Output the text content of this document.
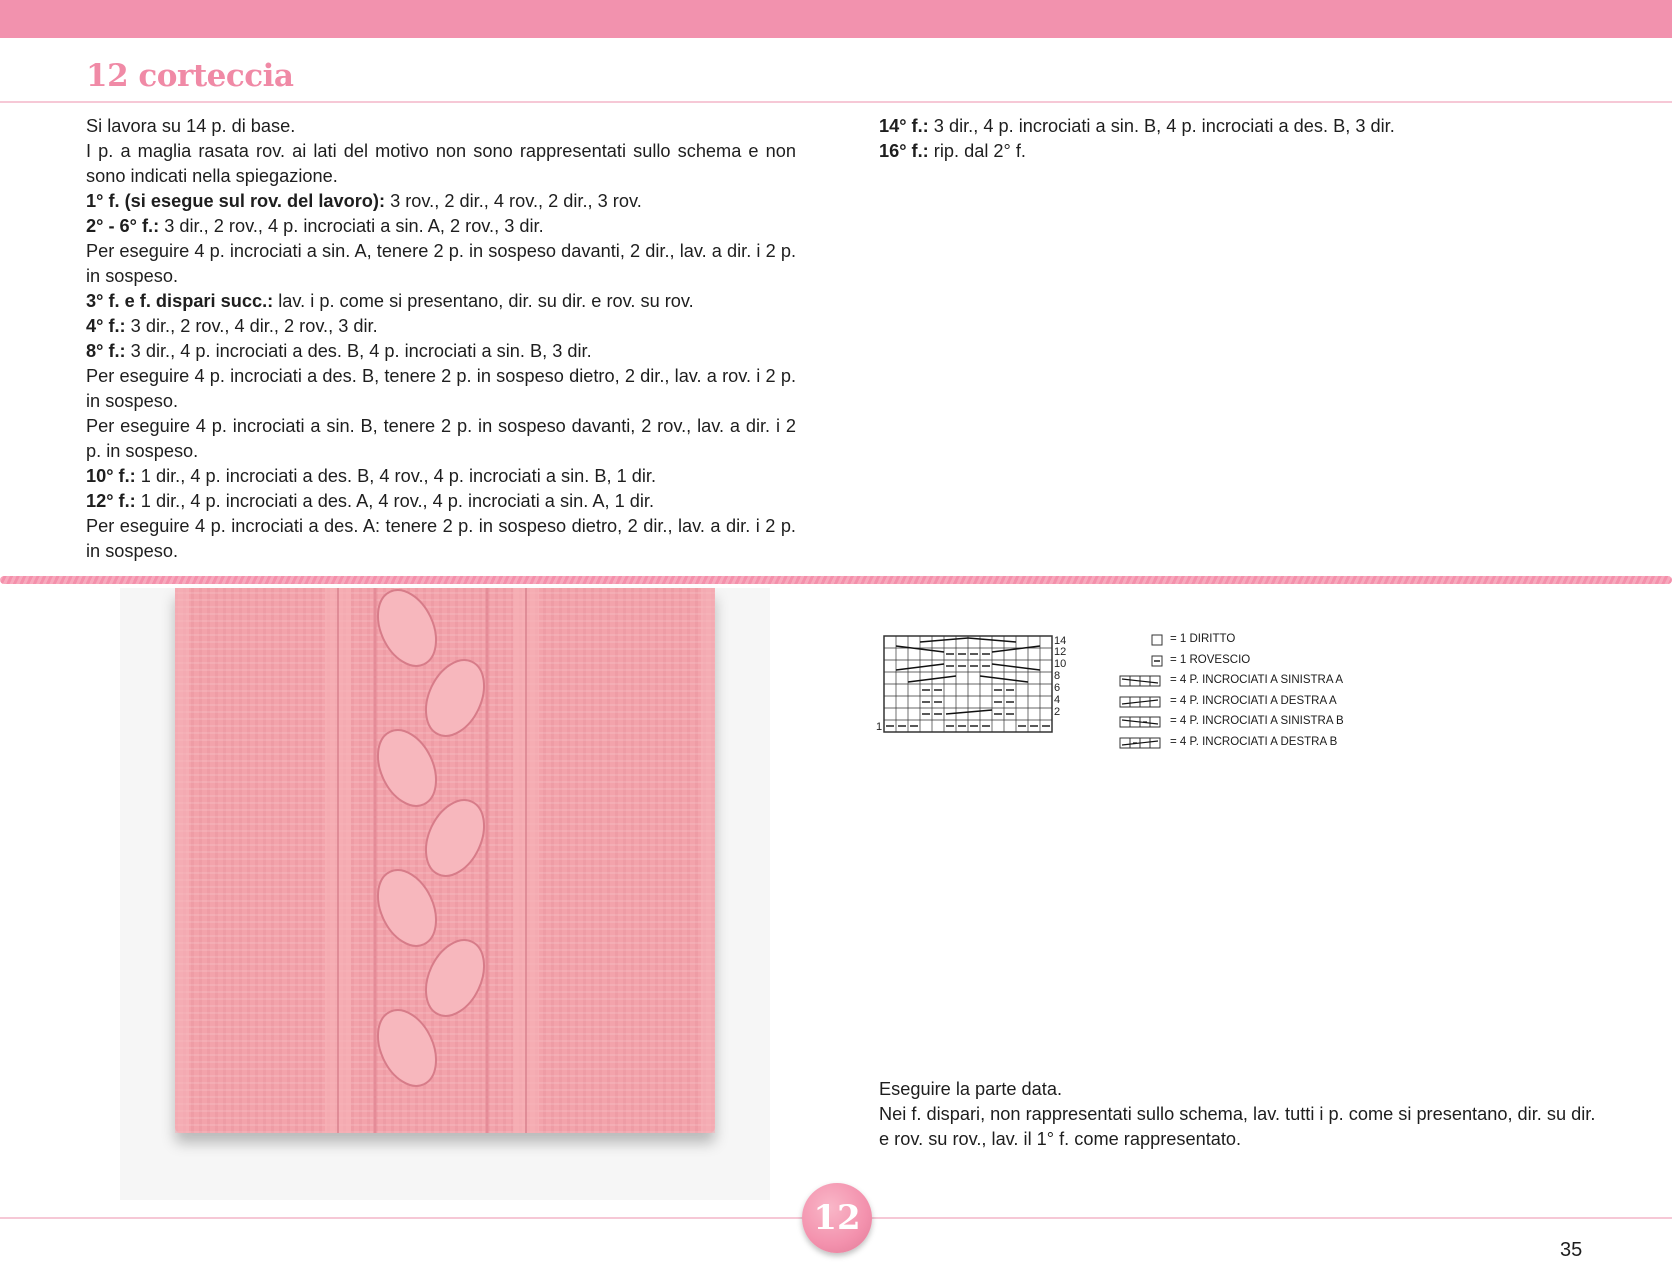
12 corteccia

Si lavora su 14 p. di base.

I p. a maglia rasata rov. ai lati del motivo non sono rappresentati sullo schema e non sono indicati nella spiegazione.

1° f. (si esegue sul rov. del lavoro): 3 rov., 2 dir., 4 rov., 2 dir., 3 rov.

2° - 6° f.: 3 dir., 2 rov., 4 p. incrociati a sin. A, 2 rov., 3 dir.

Per eseguire 4 p. incrociati a sin. A, tenere 2 p. in sospeso davanti, 2 dir., lav. a dir. i 2 p. in sospeso.

3° f. e f. dispari succ.: lav. i p. come si presentano, dir. su dir. e rov. su rov.

4° f.: 3 dir., 2 rov., 4 dir., 2 rov., 3 dir.

8° f.: 3 dir., 4 p. incrociati a des. B, 4 p. incrociati a sin. B, 3 dir.

Per eseguire 4 p. incrociati a des. B, tenere 2 p. in sospeso dietro, 2 dir., lav. a rov. i 2 p. in sospeso.

Per eseguire 4 p. incrociati a sin. B, tenere 2 p. in sospeso davanti, 2 rov., lav. a dir. i 2 p. in sospeso.

10° f.: 1 dir., 4 p. incrociati a des. B, 4 rov., 4 p. incrociati a sin. B, 1 dir.

12° f.: 1 dir., 4 p. incrociati a des. A, 4 rov., 4 p. incrociati a sin. A, 1 dir.

Per eseguire 4 p. incrociati a des. A: tenere 2 p. in sospeso dietro, 2 dir., lav. a dir. i 2 p. in sospeso.

14° f.: 3 dir., 4 p. incrociati a sin. B, 4 p. incrociati a des. B, 3 dir.

16° f.: rip. dal 2° f.

14
12
10
8
6
4
2
1
= 1 DIRITTO
= 1 ROVESCIO
= 4 P. INCROCIATI A SINISTRA A
= 4 P. INCROCIATI A DESTRA A
= 4 P. INCROCIATI A SINISTRA B
= 4 P. INCROCIATI A DESTRA B

Eseguire la parte data.

Nei f. dispari, non rappresentati sullo schema, lav. tutti i p. come si presentano, dir. su dir. e rov. su rov., lav. il 1° f. come rappresentato.

12
35
